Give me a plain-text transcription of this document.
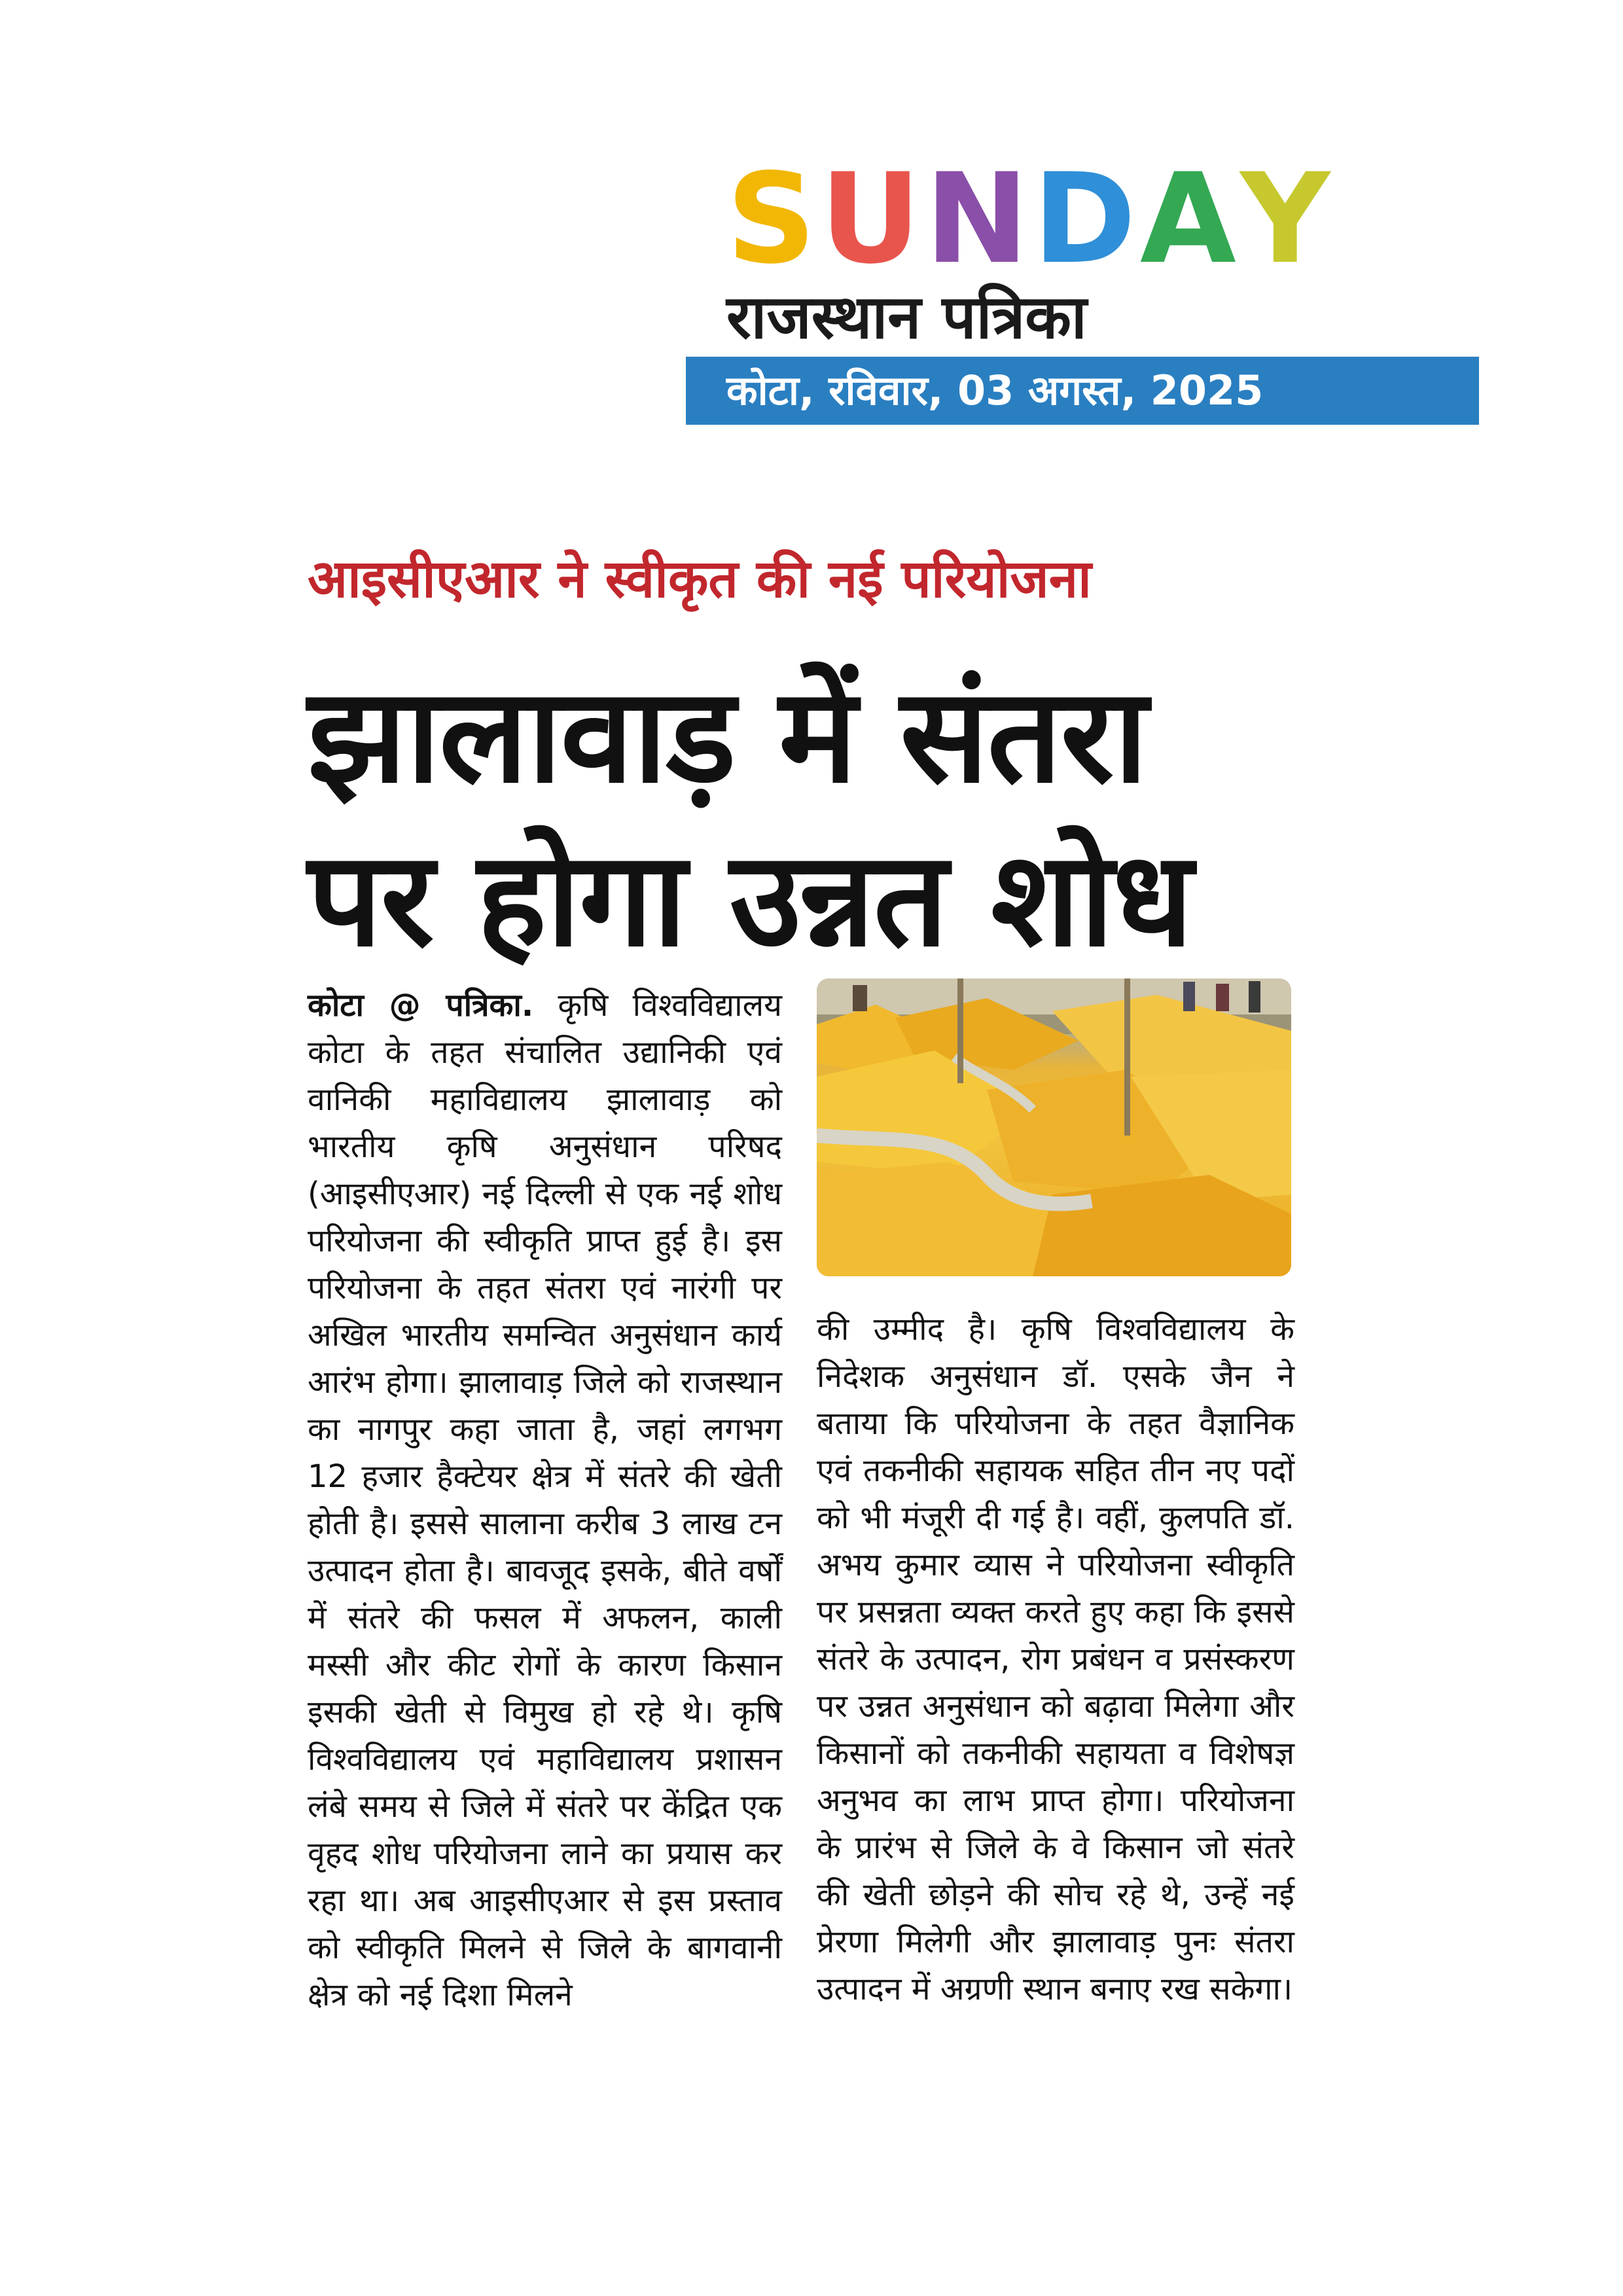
S U N D A Y
राजस्थान पत्रिका
कोटा, रविवार, 03 अगस्त, 2025
आइसीएआर ने स्वीकृत की नई परियोजना
झालावाड़ में संतरा
पर होगा उन्नत शोध
कोटा @ पत्रिका. कृषि विश्वविद्यालय कोटा के तहत संचालित उद्यानिकी एवं वानिकी महाविद्यालय झालावाड़ को भारतीय कृषि अनुसंधान परिषद (आइसीएआर) नई दिल्ली से एक नई शोध परियोजना की स्वीकृति प्राप्त हुई है। इस परियोजना के तहत संतरा एवं नारंगी पर अखिल भारतीय समन्वित अनुसंधान कार्य आरंभ होगा। झालावाड़ जिले को राजस्थान का नागपुर कहा जाता है, जहां लगभग 12 हजार हैक्टेयर क्षेत्र में संतरे की खेती होती है। इससे सालाना करीब 3 लाख टन उत्पादन होता है। बावजूद इसके, बीते वर्षों में संतरे की फसल में अफलन, काली मस्सी और कीट रोगों के कारण किसान इसकी खेती से विमुख हो रहे थे। कृषि विश्वविद्यालय एवं महाविद्यालय प्रशासन लंबे समय से जिले में संतरे पर केंद्रित एक वृहद शोध परियोजना लाने का प्रयास कर रहा था। अब आइसीएआर से इस प्रस्ताव को स्वीकृति मिलने से जिले के बागवानी क्षेत्र को नई दिशा मिलने
की उम्मीद है। कृषि विश्वविद्यालय के निदेशक अनुसंधान डॉ. एसके जैन ने बताया कि परियोजना के तहत वैज्ञानिक एवं तकनीकी सहायक सहित तीन नए पदों को भी मंजूरी दी गई है। वहीं, कुलपति डॉ. अभय कुमार व्यास ने परियोजना स्वीकृति पर प्रसन्नता व्यक्त करते हुए कहा कि इससे संतरे के उत्पादन, रोग प्रबंधन व प्रसंस्करण पर उन्नत अनुसंधान को बढ़ावा मिलेगा और किसानों को तकनीकी सहायता व विशेषज्ञ अनुभव का लाभ प्राप्त होगा। परियोजना के प्रारंभ से जिले के वे किसान जो संतरे की खेती छोड़ने की सोच रहे थे, उन्हें नई प्रेरणा मिलेगी और झालावाड़ पुनः संतरा उत्पादन में अग्रणी स्थान बनाए रख सकेगा।
